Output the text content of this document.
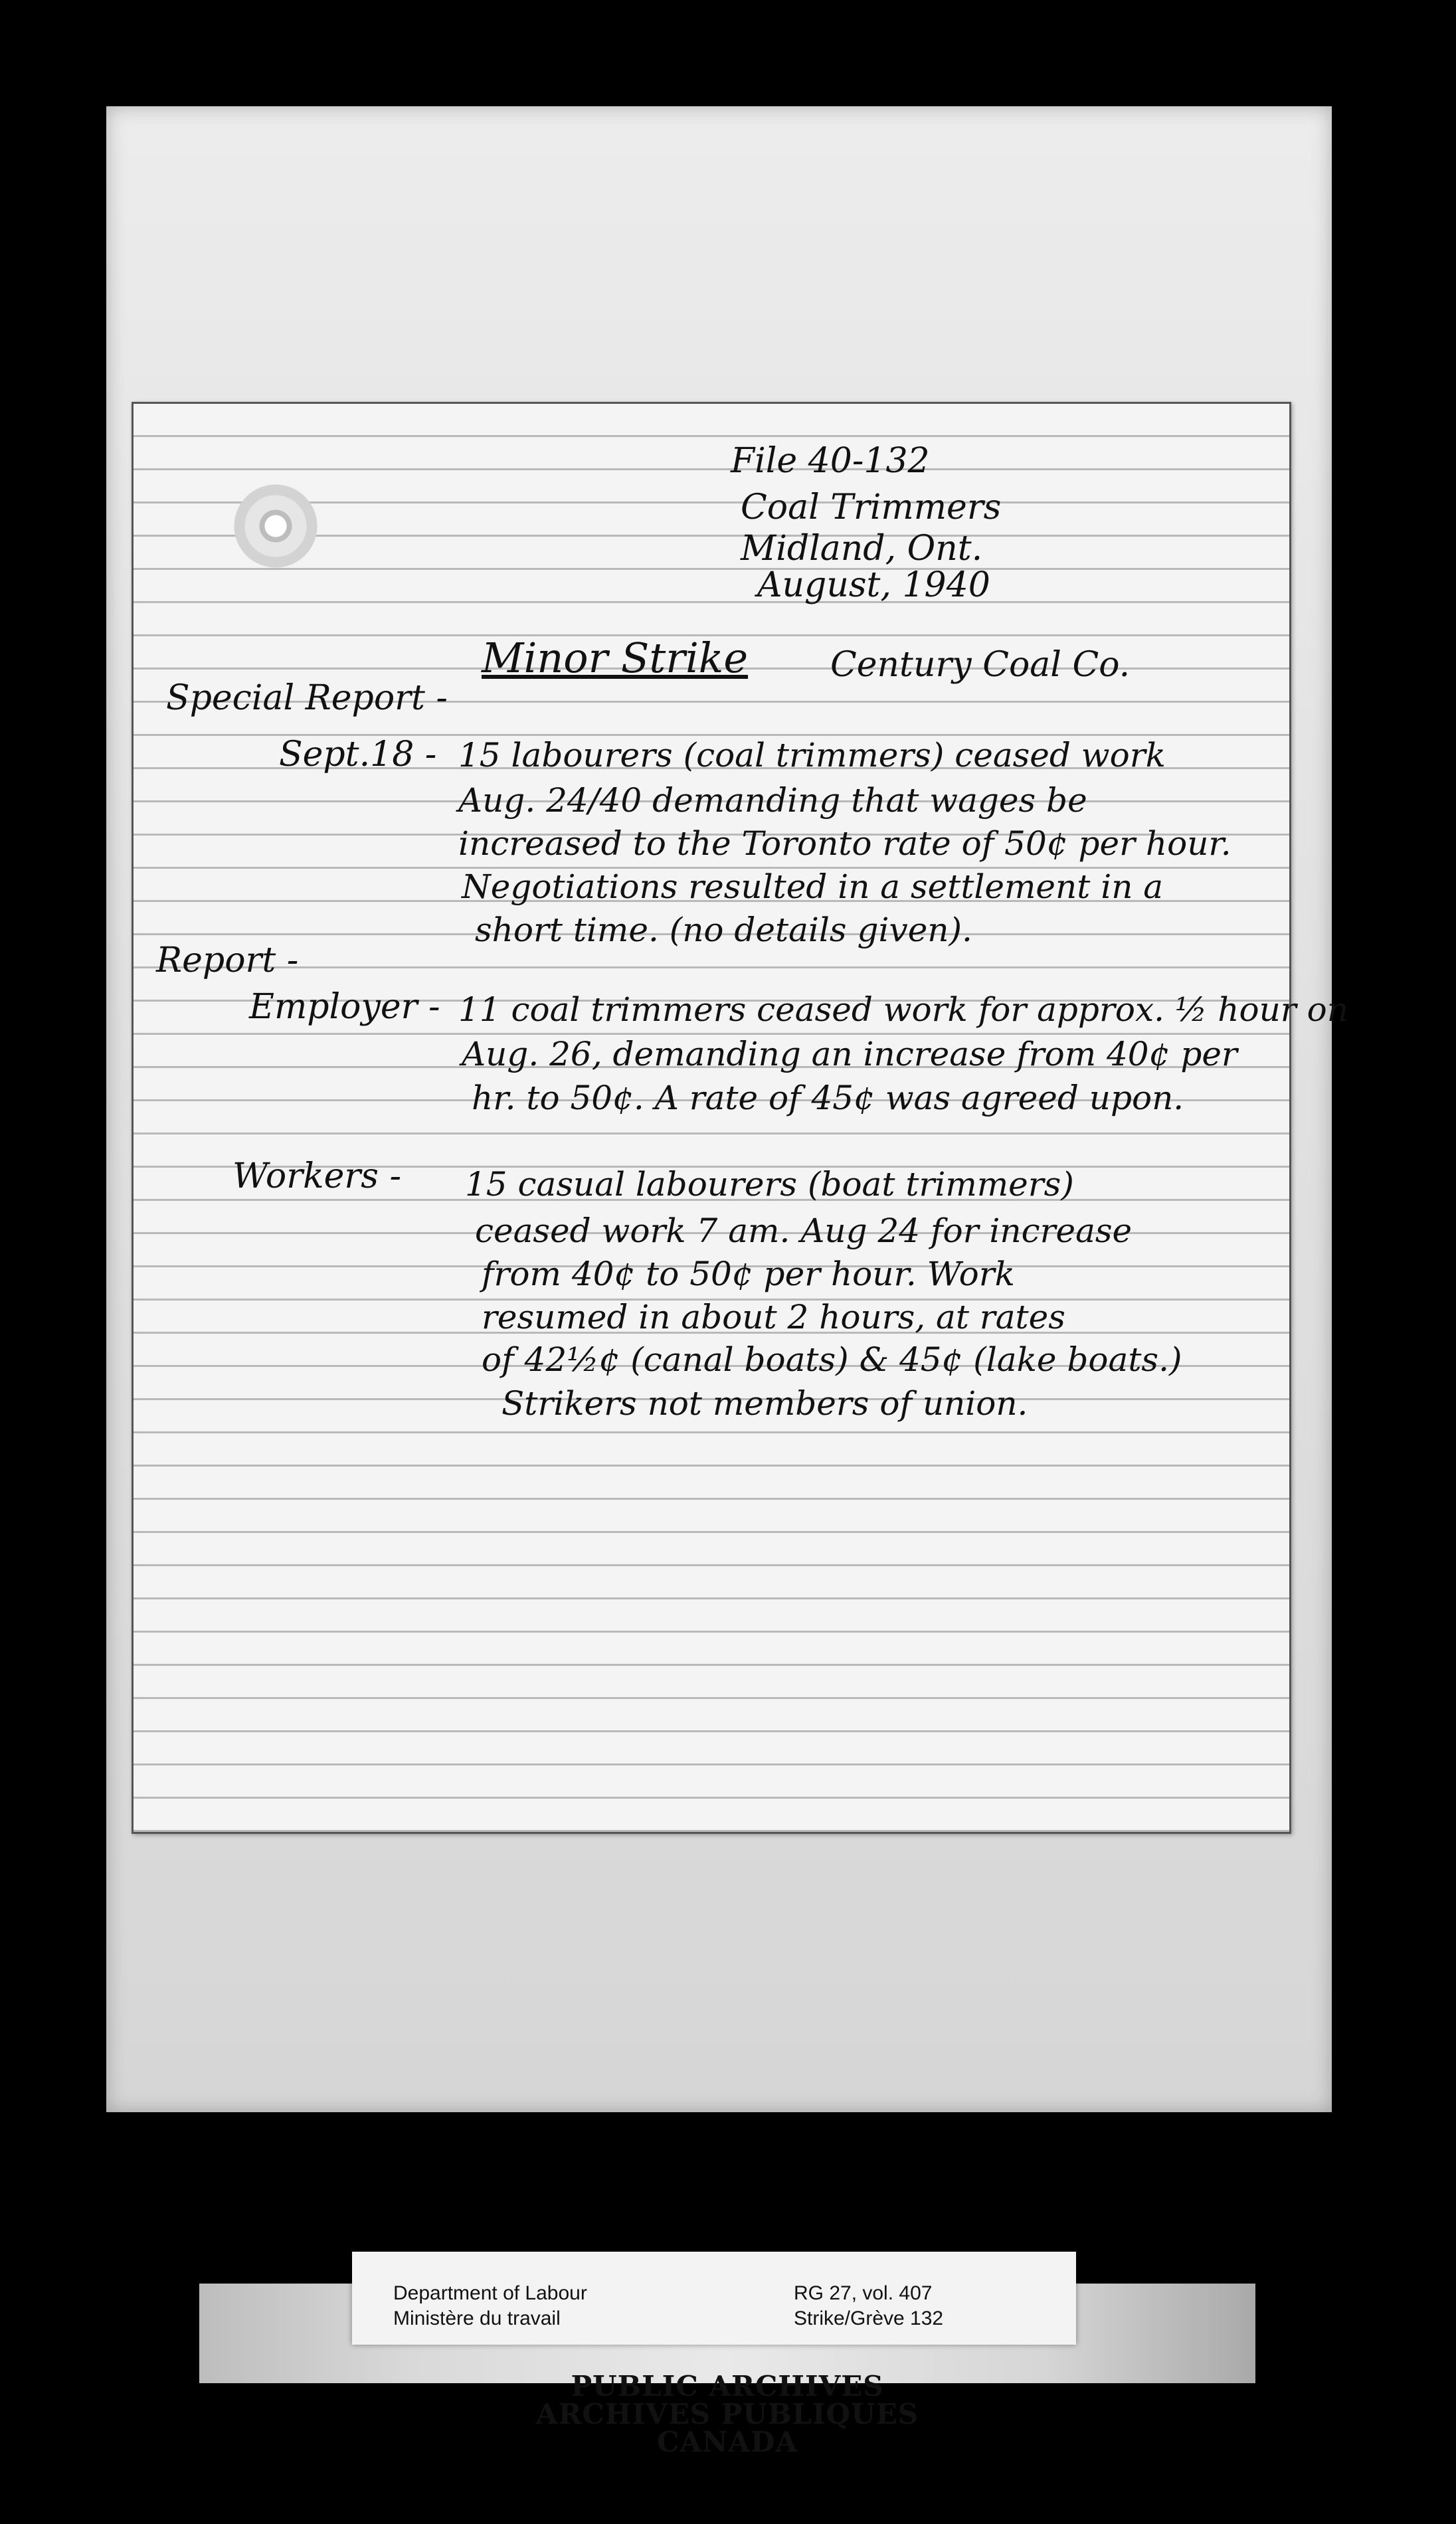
File 40-132
Coal Trimmers
Midland, Ont.
August, 1940
Minor Strike Century Coal Co.
Special Report -
Sept.18 - 15 labourers (coal trimmers) ceased work
Aug. 24/40 demanding that wages be
increased to the Toronto rate of 50¢ per hour.
Negotiations resulted in a settlement in a
short time. (no details given).
Report -
Employer - 11 coal trimmers ceased work for approx. ½ hour on
Aug. 26, demanding an increase from 40¢ per
hr. to 50¢. A rate of 45¢ was agreed upon.
Workers - 15 casual labourers (boat trimmers)
ceased work 7 am. Aug 24 for increase
from 40¢ to 50¢ per hour. Work
resumed in about 2 hours, at rates
of 42½¢ (canal boats) & 45¢ (lake boats.)
Strikers not members of union.
Department of Labour
Ministère du travail
RG 27, vol. 407
Strike/Grève 132
PUBLIC ARCHIVES
ARCHIVES PUBLIQUES
CANADA
